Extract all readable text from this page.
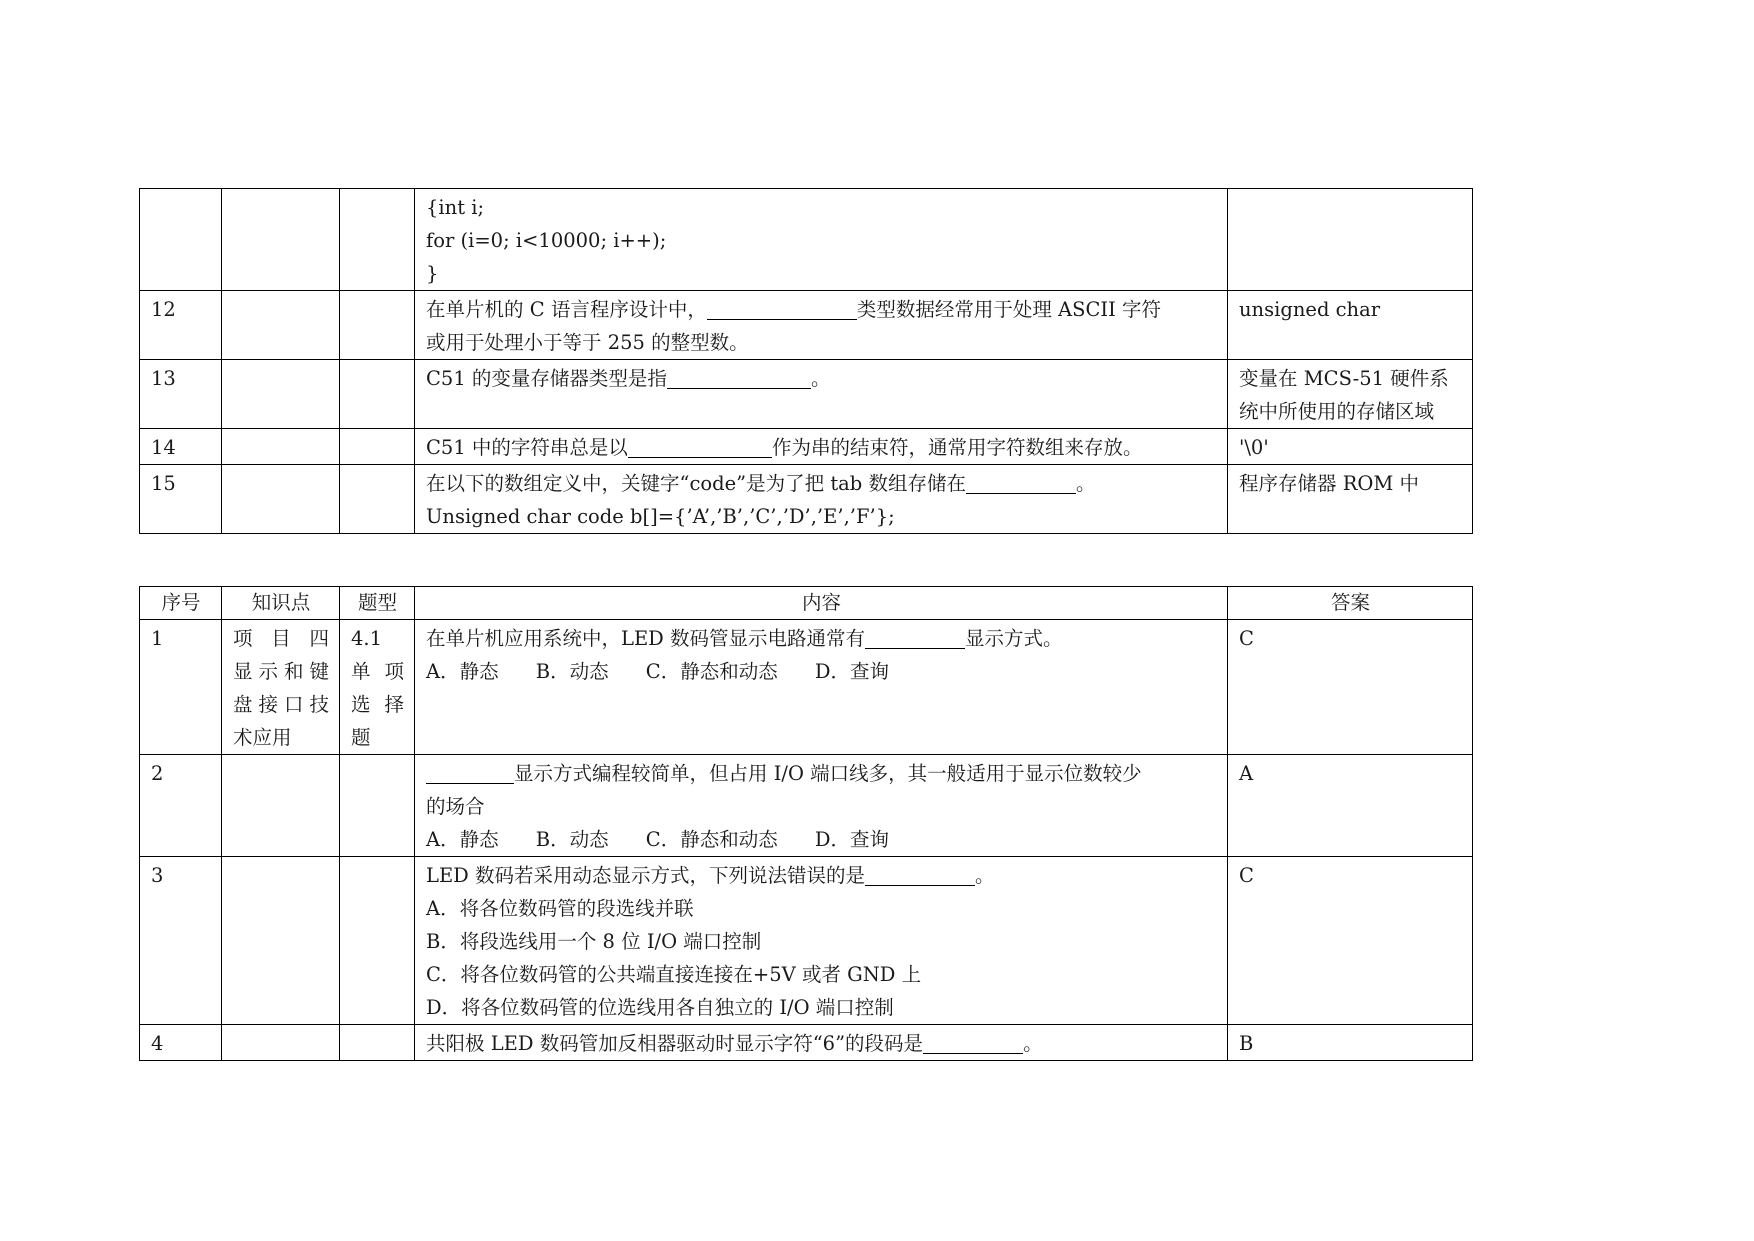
			{int i;
for (i=0; i<10000; i++);
}	

12			在单片机的 C 语言程序设计中， 类型数据经常用于处理 ASCII 字符
或用于处理小于等于 255 的整型数。	unsigned char
13			C51 的变量存储器类型是指 。	变量在 MCS-51 硬件系统中所使用的存储区域
14			C51 中的字符串总是以 作为串的结束符，通常用字符数组来存放。	'\0'
15			在以下的数组定义中，关键字“code”是为了把 tab 数组存储在 。
Unsigned char code b[]={’A’,’B’,’C’,’D’,’E’,’F’};	程序存储器 ROM 中
序号	知识点	题型	内容	答案
1	项 目 四
显示和键
盘接口技
术应用	4.1
单 项
选 择
题	在单片机应用系统中，LED 数码管显示电路通常有 显示方式。
A．静态      B．动态      C．静态和动态      D．查询	C
2			显示方式编程较简单，但占用 I/O 端口线多，其一般适用于显示位数较少
的场合
A．静态      B．动态      C．静态和动态      D．查询	A
3			LED 数码若采用动态显示方式，下列说法错误的是 。
A．将各位数码管的段选线并联
B．将段选线用一个 8 位 I/O 端口控制
C．将各位数码管的公共端直接连接在+5V 或者 GND 上
D．将各位数码管的位选线用各自独立的 I/O 端口控制	C
4			共阳极 LED 数码管加反相器驱动时显示字符“6”的段码是 。	B
